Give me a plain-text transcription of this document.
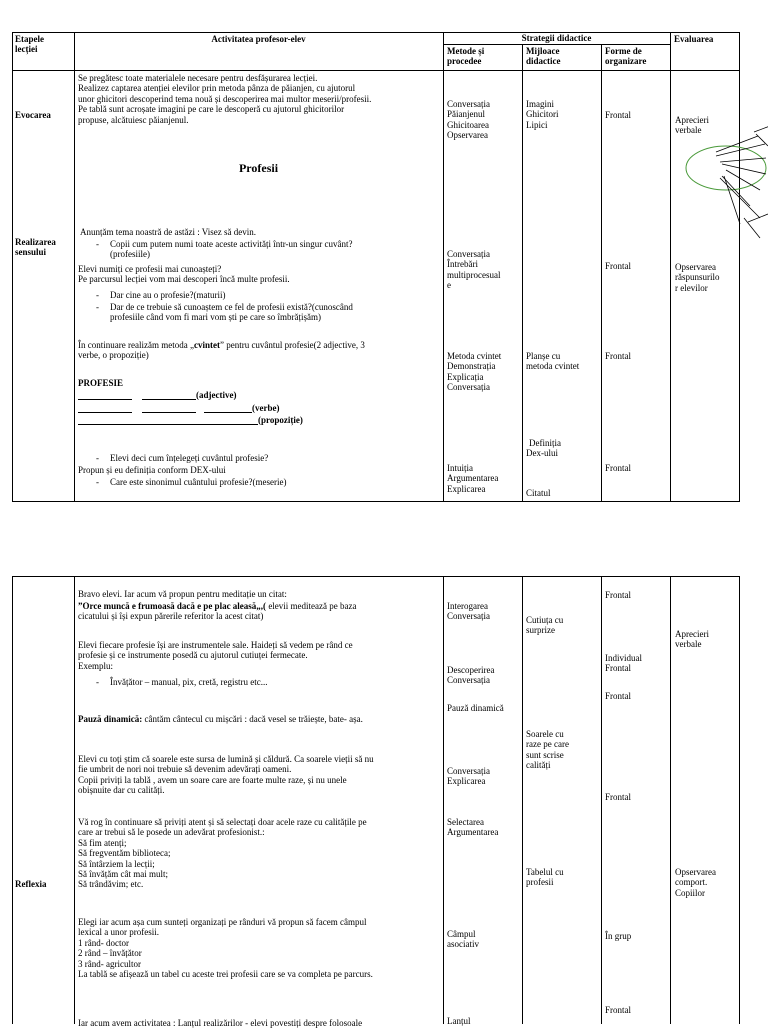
Etapele
lecției
Activitatea profesor-elev	Strategii didactice
Metode și
procedee
Mijloace
didactice
Forme de
organizare
Evaluarea
Evocarea
Se pregătesc toate materialele necesare pentru desfășurarea lecției.
Realizez captarea atenției elevilor prin metoda pânza de păianjen, cu ajutorul
unor ghicitori descoperind tema nouă și descoperirea mai multor meserii/profesii.
Pe tablă sunt acroșate imagini pe care le descoperă cu ajutorul ghicitorilor
propuse, alcătuiesc păianjenul.
Profesii
Conversația
Păianjenul
Ghicitoarea
Opservarea
Imagini
Ghicitori
Lipici
Frontal	Aprecieri
verbale
Realizarea
sensului
Anunțăm tema noastră de astăzi : Visez să devin.
- Copii cum putem numi toate aceste activități într-un singur cuvânt?
(profesiile)
Elevi numiți ce profesii mai cunoașteți?
Pe parcursul lecției vom mai descoperi încă multe profesii.
- Dar cine au o profesie?(maturii)
- Dar de ce trebuie să cunoaștem ce fel de profesii există?(cunoscând
profesiile când vom fi mari vom ști pe care so îmbrățișăm)
În continuare realizăm metoda „cvintet” pentru cuvântul profesie(2 adjective, 3
verbe, o propoziție)
PROFESIE
(adjective)
(verbe)
(propoziție)
- Elevi deci cum înțelegeți cuvântul profesie?
Propun și eu definiția conform DEX-ului
- Care este sinonimul cuântului profesie?(meserie)
Conversația
Întrebări
multiprocesual
e
Metoda cvintet
Demonstrația
Explicația
Conversația
Intuiția
Argumentarea
Explicarea
Planșe cu
metoda cvintet
Definiția
Dex-ului
Citatul
Frontal
Frontal
Frontal
Opservarea
răspunsurilo
r elevilor
Reflexia
Bravo elevi. Iar acum vă propun pentru meditație un citat:
”Orce muncă e frumoasă dacă e pe plac aleasă„,( elevii meditează pe baza
cicatului și își expun părerile referitor la acest citat)
Elevi fiecare profesie își are instrumentele sale. Haideți să vedem pe rând ce
profesie și ce instrumente posedă cu ajutorul cutiuței fermecate.
Exemplu:
- Învățător – manual, pix, cretă, registru etc...
Pauză dinamică: cântăm cântecul cu mișcări : dacă vesel se trăiește, bate- așa.
Elevi cu toți știm că soarele este sursa de lumină și căldură. Ca soarele vieții să nu
fie umbrit de nori noi trebuie să devenim adevărați oameni.
Copii priviți la tablă , avem un soare care are foarte multe raze, și nu unele
obișnuite dar cu calități.
Vă rog în continuare să priviți atent și să selectați doar acele raze cu calitățile pe
care ar trebui să le posede un adevărat profesionist.:
Să fim atenți;
Să fregventăm biblioteca;
Să întârziem la lecții;
Să învățăm cât mai mult;
Să trândăvim; etc.
Elegi iar acum așa cum sunteți organizați pe rânduri vă propun să facem câmpul
lexical a unor profesii.
1 rând- doctor
2 rând – învățător
3 rând- agricultor
La tablă se afișează un tabel cu aceste trei profesii care se va completa pe parcurs.
Iar acum avem activitatea : Lanțul realizărilor - elevi povestiți despre folosoale
Interogarea
Conversația
Descoperirea
Conversația
Pauză dinamică
Conversația
Explicarea
Selectarea
Argumentarea
Câmpul
asociativ
Lanțul
Cutiuța cu
surprize
Soarele cu
raze pe care
sunt scrise
calități
Tabelul cu
profesii
Frontal
Individual
Frontal
Frontal
Frontal
În grup
Frontal
Aprecieri
verbale
Opservarea
comport.
Copiilor
